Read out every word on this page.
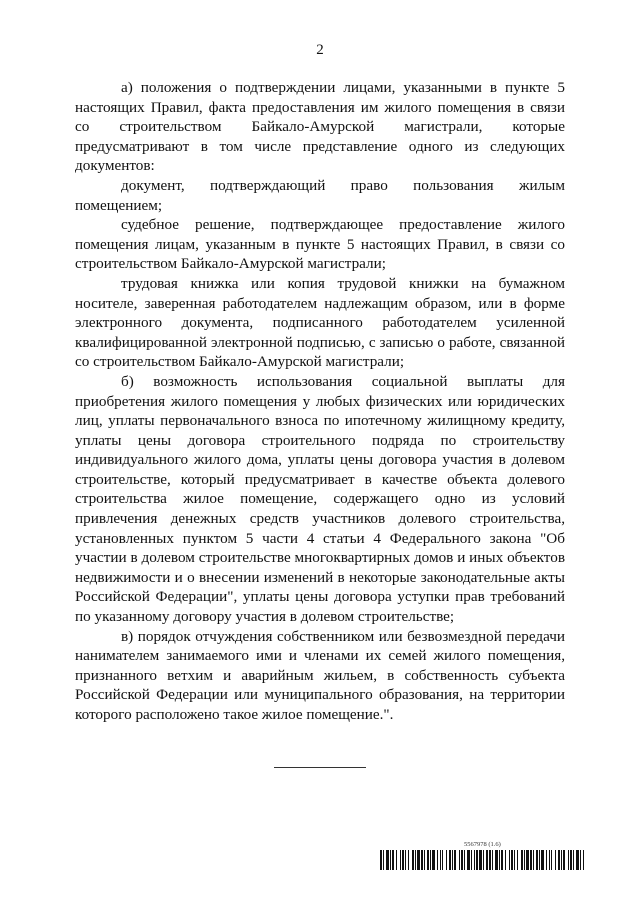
2

а) положения о подтверждении лицами, указанными в пункте 5 настоящих Правил, факта предоставления им жилого помещения в связи со строительством Байкало-Амурской магистрали, которые предусматривают в том числе представление одного из следующих документов:

документ, подтверждающий право пользования жилым помещением;

судебное решение, подтверждающее предоставление жилого помещения лицам, указанным в пункте 5 настоящих Правил, в связи со строительством Байкало-Амурской магистрали;

трудовая книжка или копия трудовой книжки на бумажном носителе, заверенная работодателем надлежащим образом, или в форме электронного документа, подписанного работодателем усиленной квалифицированной электронной подписью, с записью о работе, связанной со строительством Байкало-Амурской магистрали;

б) возможность использования социальной выплаты для приобретения жилого помещения у любых физических или юридических лиц, уплаты первоначального взноса по ипотечному жилищному кредиту, уплаты цены договора строительного подряда по строительству индивидуального жилого дома, уплаты цены договора участия в долевом строительстве, который предусматривает в качестве объекта долевого строительства жилое помещение, содержащего одно из условий привлечения денежных средств участников долевого строительства, установленных пунктом 5 части 4 статьи 4 Федерального закона "Об участии в долевом строительстве многоквартирных домов и иных объектов недвижимости и о внесении изменений в некоторые законодательные акты Российской Федерации", уплаты цены договора уступки прав требований по указанному договору участия в долевом строительстве;

в) порядок отчуждения собственником или безвозмездной передачи нанимателем занимаемого ими и членами их семей жилого помещения, признанного ветхим и аварийным жильем, в собственность субъекта Российской Федерации или муниципального образования, на территории которого расположено такое жилое помещение.".

5567978 (1.6)
